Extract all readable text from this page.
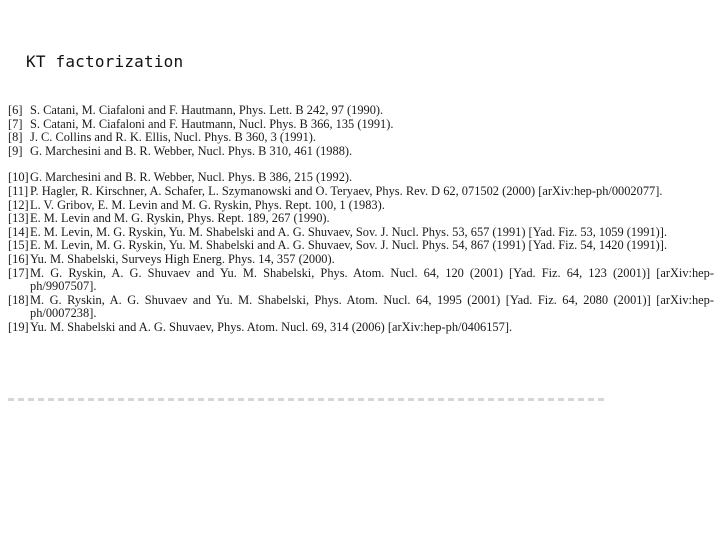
KT factorization
[6] S. Catani, M. Ciafaloni and F. Hautmann, Phys. Lett. B 242, 97 (1990).
[7] S. Catani, M. Ciafaloni and F. Hautmann, Nucl. Phys. B 366, 135 (1991).
[8] J. C. Collins and R. K. Ellis, Nucl. Phys. B 360, 3 (1991).
[9] G. Marchesini and B. R. Webber, Nucl. Phys. B 310, 461 (1988).
[10] G. Marchesini and B. R. Webber, Nucl. Phys. B 386, 215 (1992).
[11] P. Hagler, R. Kirschner, A. Schafer, L. Szymanowski and O. Teryaev, Phys. Rev. D 62, 071502 (2000) [arXiv:hep-ph/0002077].
[12] L. V. Gribov, E. M. Levin and M. G. Ryskin, Phys. Rept. 100, 1 (1983).
[13] E. M. Levin and M. G. Ryskin, Phys. Rept. 189, 267 (1990).
[14] E. M. Levin, M. G. Ryskin, Yu. M. Shabelski and A. G. Shuvaev, Sov. J. Nucl. Phys. 53, 657 (1991) [Yad. Fiz. 53, 1059 (1991)].
[15] E. M. Levin, M. G. Ryskin, Yu. M. Shabelski and A. G. Shuvaev, Sov. J. Nucl. Phys. 54, 867 (1991) [Yad. Fiz. 54, 1420 (1991)].
[16] Yu. M. Shabelski, Surveys High Energ. Phys. 14, 357 (2000).
[17] M. G. Ryskin, A. G. Shuvaev and Yu. M. Shabelski, Phys. Atom. Nucl. 64, 120 (2001) [Yad. Fiz. 64, 123 (2001)] [arXiv:hep-ph/9907507].
[18] M. G. Ryskin, A. G. Shuvaev and Yu. M. Shabelski, Phys. Atom. Nucl. 64, 1995 (2001) [Yad. Fiz. 64, 2080 (2001)] [arXiv:hep-ph/0007238].
[19] Yu. M. Shabelski and A. G. Shuvaev, Phys. Atom. Nucl. 69, 314 (2006) [arXiv:hep-ph/0406157].
